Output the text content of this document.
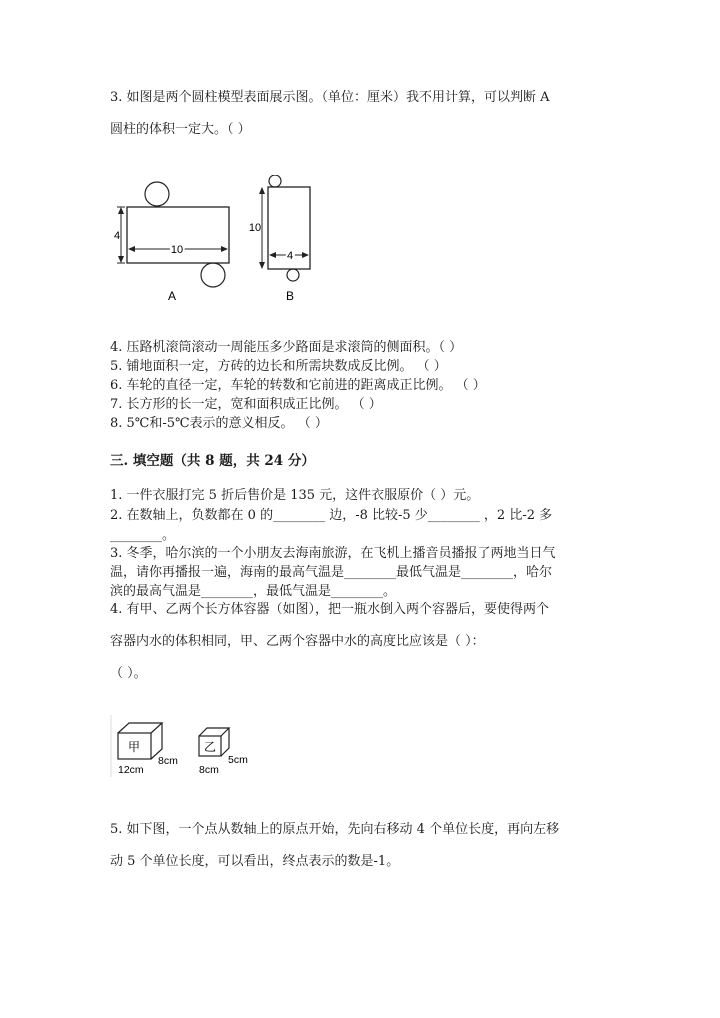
3. 如图是两个圆柱模型表面展示图。（单位：厘米）我不用计算，可以判断 A
圆柱的体积一定大。（ ）
4
10
A
10
4
B
4. 压路机滚筒滚动一周能压多少路面是求滚筒的侧面积。（ ）
5. 铺地面积一定，方砖的边长和所需块数成反比例。 （ ）
6. 车轮的直径一定，车轮的转数和它前进的距离成正比例。 （ ）
7. 长方形的长一定，宽和面积成正比例。 （ ）
8. 5℃和-5℃表示的意义相反。 （ ）
三. 填空题（共 8 题，共 24 分）
1. 一件衣服打完 5 折后售价是 135 元，这件衣服原价（ ）元。
2. 在数轴上，负数都在 0 的________ 边，-8 比较-5 少________ ，2 比-2 多
________。
3. 冬季，哈尔滨的一个小朋友去海南旅游，在飞机上播音员播报了两地当日气
温，请你再播报一遍，海南的最高气温是________最低气温是________，哈尔
滨的最高气温是________，最低气温是________。
4. 有甲、乙两个长方体容器（如图），把一瓶水倒入两个容器后，要使得两个
容器内水的体积相同，甲、乙两个容器中水的高度比应该是（ ）：
（ ）。
甲
8cm
12cm
乙
5cm
8cm
5. 如下图，一个点从数轴上的原点开始，先向右移动 4 个单位长度，再向左移
动 5 个单位长度，可以看出，终点表示的数是-1。
